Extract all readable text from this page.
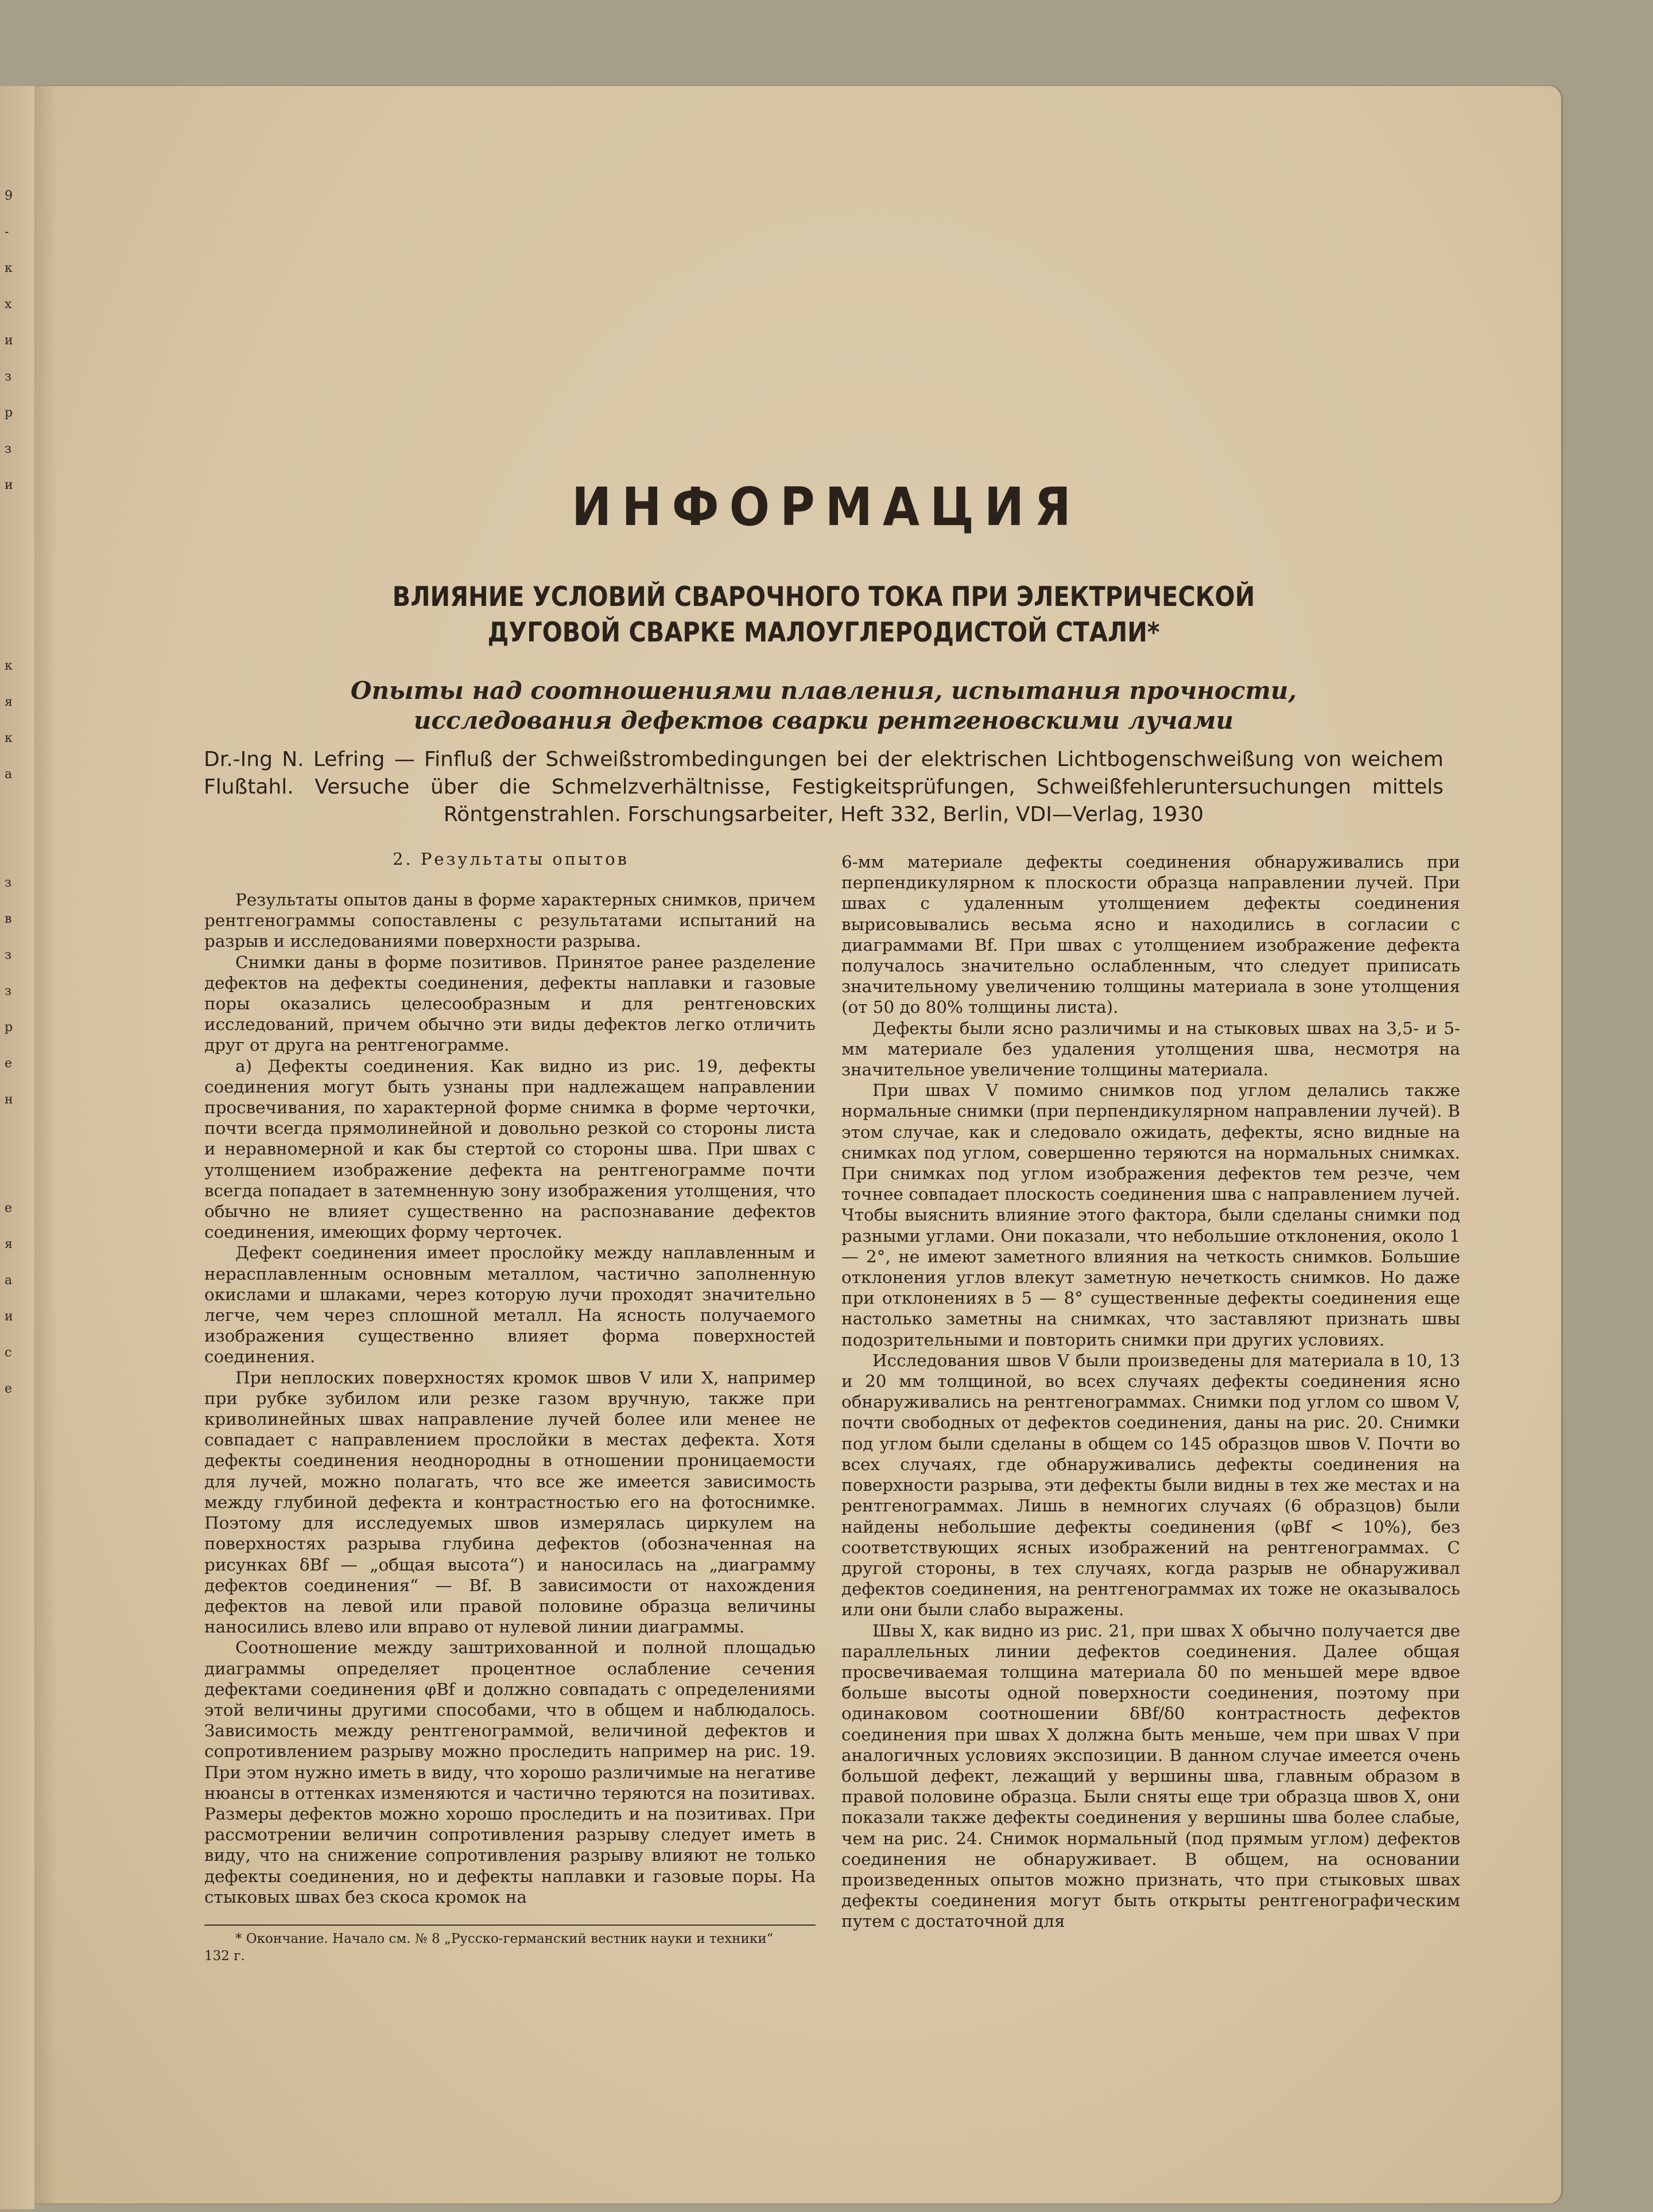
9
-
к
х
и
з
р
з
и

к
я
к
а

з
в
з
з
р
е
н

е
я
а
и
с
е
ИНФОРМАЦИЯ
ВЛИЯНИЕ УСЛОВИЙ СВАРОЧНОГО ТОКА ПРИ ЭЛЕКТРИЧЕСКОЙ ДУГОВОЙ СВАРКЕ МАЛОУГЛЕРОДИСТОЙ СТАЛИ*
Опыты над соотношениями плавления, испытания прочности, исследования дефектов сварки рентгеновскими лучами
Dr.-Ing N. Lefring — Finfluß der Schweißstrombedingungen bei der elektrischen Lichtbogenschweißung von weichem Flußtahl. Versuche über die Schmelzverhältnisse, Festigkeitsprüfungen, Schweißfehleruntersuchungen mittels Röntgenstrahlen. Forschungsarbeiter, Heft 332, Berlin, VDI—Verlag, 1930
2. Результаты опытов

Результаты опытов даны в форме характерных снимков, причем рентгенограммы сопоставлены с результатами испытаний на разрыв и исследованиями поверхности разрыва.

Снимки даны в форме позитивов. Принятое ранее разделение дефектов на дефекты соединения, дефекты наплавки и газовые поры оказались целесообразным и для рентгеновских исследований, причем обычно эти виды дефектов легко отличить друг от друга на рентгенограмме.

а) Дефекты соединения. Как видно из рис. 19, дефекты соединения могут быть узнаны при надлежащем направлении просвечивания, по характерной форме снимка в форме черточки, почти всегда прямолинейной и довольно резкой со стороны листа и неравномерной и как бы стертой со стороны шва. При швах с утолщением изображение дефекта на рентгенограмме почти всегда попадает в затемненную зону изображения утолщения, что обычно не влияет существенно на распознавание дефектов соединения, имеющих форму черточек.

Дефект соединения имеет прослойку между наплавленным и нерасплавленным основным металлом, частично заполненную окислами и шлаками, через которую лучи проходят значительно легче, чем через сплошной металл. На ясность получаемого изображения существенно влияет форма поверхностей соединения.

При неплоских поверхностях кромок швов V или X, например при рубке зубилом или резке газом вручную, также при криволинейных швах направление лучей более или менее не совпадает с направлением прослойки в местах дефекта. Хотя дефекты соединения неоднородны в отношении проницаемости для лучей, можно полагать, что все же имеется зависимость между глубиной дефекта и контрастностью его на фотоснимке. Поэтому для исследуемых швов измерялась циркулем на поверхностях разрыва глубина дефектов (обозначенная на рисунках δBf — „общая высота“) и наносилась на „диаграмму дефектов соединения“ — Bf. В зависимости от нахождения дефектов на левой или правой половине образца величины наносились влево или вправо от нулевой линии диаграммы.

Соотношение между заштрихованной и полной площадью диаграммы определяет процентное ослабление сечения дефектами соединения φBf и должно совпадать с определениями этой величины другими способами, что в общем и наблюдалось. Зависимость между рентгенограммой, величиной дефектов и сопротивлением разрыву можно проследить например на рис. 19. При этом нужно иметь в виду, что хорошо различимые на негативе нюансы в оттенках изменяются и частично теряются на позитивах. Размеры дефектов можно хорошо проследить и на позитивах. При рассмотрении величин сопротивления разрыву следует иметь в виду, что на снижение сопротивления разрыву влияют не только дефекты соединения, но и дефекты наплавки и газовые поры. На стыковых швах без скоса кромок на

6-мм материале дефекты соединения обнаруживались при перпендикулярном к плоскости образца направлении лучей. При швах с удаленным утолщением дефекты соединения вырисовывались весьма ясно и находились в согласии с диаграммами Bf. При швах с утолщением изображение дефекта получалось значительно ослабленным, что следует приписать значительному увеличению толщины материала в зоне утолщения (от 50 до 80% толщины листа).

Дефекты были ясно различимы и на стыковых швах на 3,5- и 5-мм материале без удаления утолщения шва, несмотря на значительное увеличение толщины материала.

При швах V помимо снимков под углом делались также нормальные снимки (при перпендикулярном направлении лучей). В этом случае, как и следовало ожидать, дефекты, ясно видные на снимках под углом, совершенно теряются на нормальных снимках. При снимках под углом изображения дефектов тем резче, чем точнее совпадает плоскость соединения шва с направлением лучей. Чтобы выяснить влияние этого фактора, были сделаны снимки под разными углами. Они показали, что небольшие отклонения, около 1 — 2°, не имеют заметного влияния на четкость снимков. Большие отклонения углов влекут заметную нечеткость снимков. Но даже при отклонениях в 5 — 8° существенные дефекты соединения еще настолько заметны на снимках, что заставляют признать швы подозрительными и повторить снимки при других условиях.

Исследования швов V были произведены для материала в 10, 13 и 20 мм толщиной, во всех случаях дефекты соединения ясно обнаруживались на рентгенограммах. Снимки под углом со швом V, почти свободных от дефектов соединения, даны на рис. 20. Снимки под углом были сделаны в общем со 145 образцов швов V. Почти во всех случаях, где обнаруживались дефекты соединения на поверхности разрыва, эти дефекты были видны в тех же местах и на рентгенограммах. Лишь в немногих случаях (6 образцов) были найдены небольшие дефекты соединения (φBf < 10%), без соответствующих ясных изображений на рентгенограммах. С другой стороны, в тех случаях, когда разрыв не обнаруживал дефектов соединения, на рентгенограммах их тоже не оказывалось или они были слабо выражены.

Швы X, как видно из рис. 21, при швах X обычно получается две параллельных линии дефектов соединения. Далее общая просвечиваемая толщина материала δ0 по меньшей мере вдвое больше высоты одной поверхности соединения, поэтому при одинаковом соотношении δBf/δ0 контрастность дефектов соединения при швах X должна быть меньше, чем при швах V при аналогичных условиях экспозиции. В данном случае имеется очень большой дефект, лежащий у вершины шва, главным образом в правой половине образца. Были сняты еще три образца швов X, они показали также дефекты соединения у вершины шва более слабые, чем на рис. 24. Снимок нормальный (под прямым углом) дефектов соединения не обнаруживает. В общем, на основании произведенных опытов можно признать, что при стыковых швах дефекты соединения могут быть открыты рентгенографическим путем с достаточной для

* Окончание. Начало см. № 8 „Русско-германский вестник науки и техники“

132 г.
